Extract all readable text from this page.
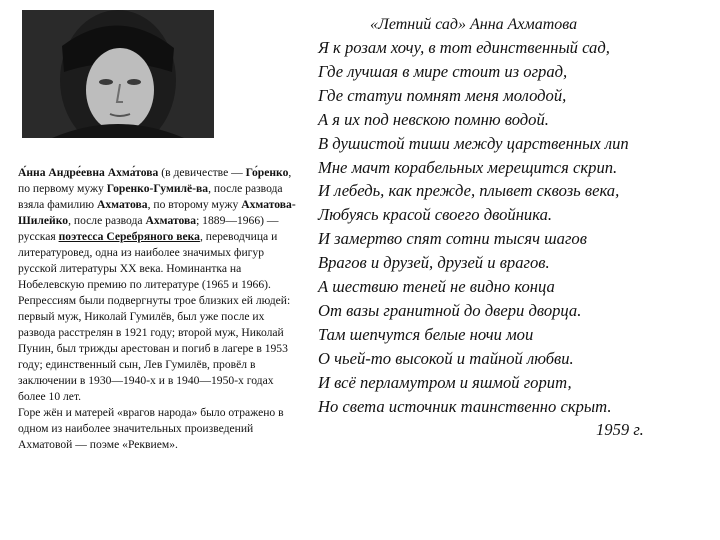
А́нна Андре́евна Ахма́това (в девичестве — Го́ренко, по первому мужу Горенко-Гумилё-ва, после развода взяла фамилию Ахматова, по второму мужу Ахматова-Шилейко, после развода Ахматова; 1889—1966) — русская поэтесса Серебряного века, переводчица и литературовед, одна из наиболее значимых фигур русской литературы XX века. Номинантка на Нобелевскую премию по литературе (1965 и 1966).

Репрессиям были подвергнуты трое близких ей людей: первый муж, Николай Гумилёв, был уже после их развода расстрелян в 1921 году; второй муж, Николай Пунин, был трижды арестован и погиб в лагере в 1953 году; единственный сын, Лев Гумилёв, провёл в заключении в 1930—1940-х и в 1940—1950-х годах более 10 лет.

Горе жён и матерей «врагов народа» было отражено в одном из наиболее значительных произведений Ахматовой — поэме «Реквием».

«Летний сад» Анна Ахматова
Я к розам хочу, в тот единственный сад,
Где лучшая в мире стоит из оград,
Где статуи помнят меня молодой,
А я их под невскою помню водой.
В душистой тиши между царственных лип
Мне мачт корабельных мерещится скрип.
И лебедь, как прежде, плывет сквозь века,
Любуясь красой своего двойника.
И замертво спят сотни тысяч шагов
Врагов и друзей, друзей и врагов.
А шествию теней не видно конца
От вазы гранитной до двери дворца.
Там шепчутся белые ночи мои
О чьей-то высокой и тайной любви.
И всё перламутром и яшмой горит,
Но света источник таинственно скрыт.
1959 г.
